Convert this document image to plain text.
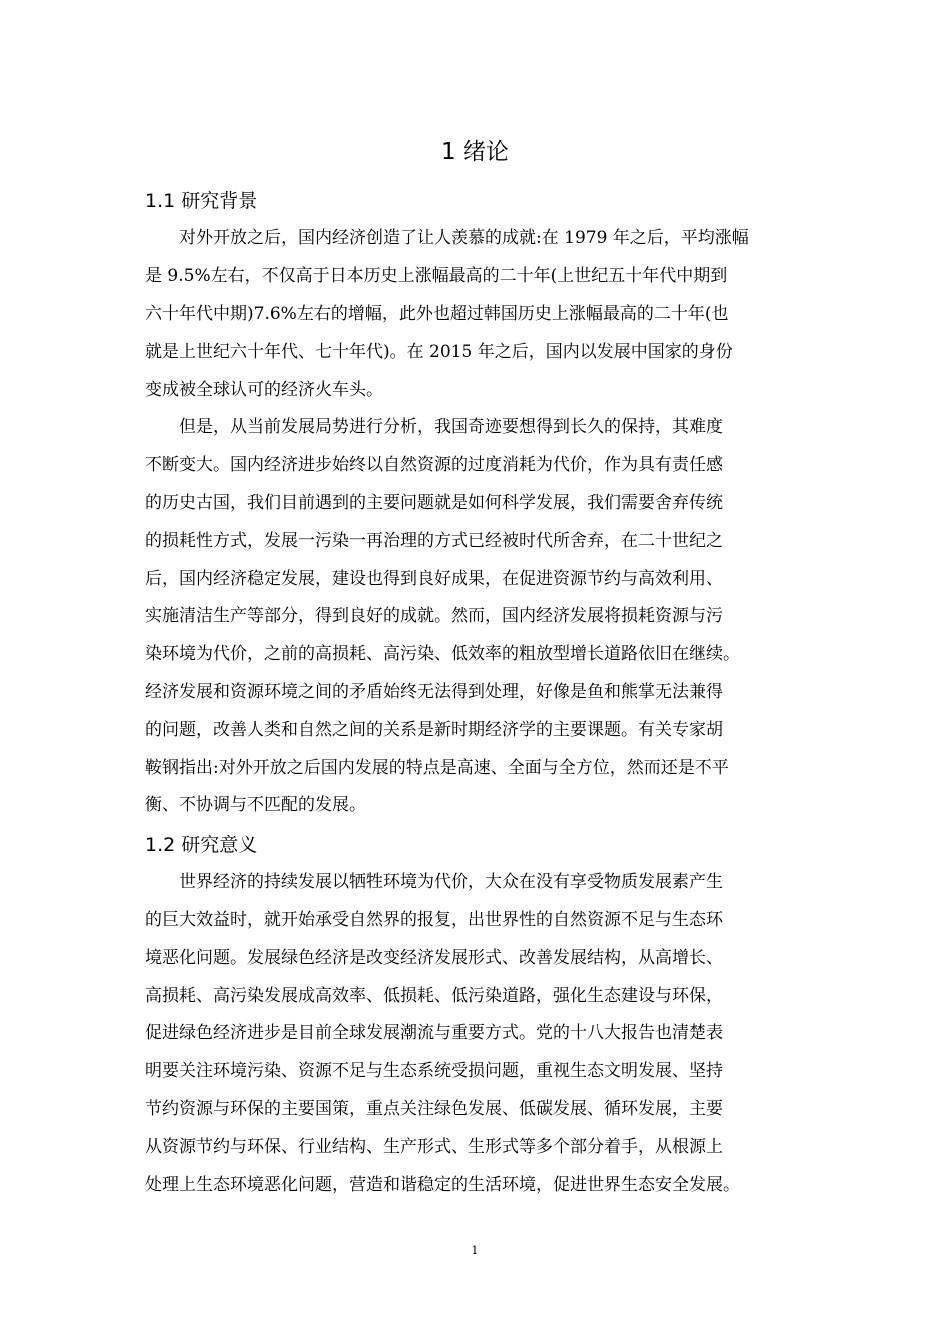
1 绪论
1.1 研究背景

对外开放之后，国内经济创造了让人羡慕的成就:在 1979 年之后，平均涨幅

是 9.5%左右，不仅高于日本历史上涨幅最高的二十年(上世纪五十年代中期到

六十年代中期)7.6%左右的增幅，此外也超过韩国历史上涨幅最高的二十年(也

就是上世纪六十年代、七十年代)。在 2015 年之后，国内以发展中国家的身份

变成被全球认可的经济火车头。

但是，从当前发展局势进行分析，我国奇迹要想得到长久的保持，其难度

不断变大。国内经济进步始终以自然资源的过度消耗为代价，作为具有责任感

的历史古国，我们目前遇到的主要问题就是如何科学发展，我们需要舍弃传统

的损耗性方式，发展一污染一再治理的方式已经被时代所舍弃，在二十世纪之

后，国内经济稳定发展，建设也得到良好成果，在促进资源节约与高效利用、

实施清洁生产等部分，得到良好的成就。然而，国内经济发展将损耗资源与污

染环境为代价，之前的高损耗、高污染、低效率的粗放型增长道路依旧在继续。

经济发展和资源环境之间的矛盾始终无法得到处理，好像是鱼和熊掌无法兼得

的问题，改善人类和自然之间的关系是新时期经济学的主要课题。有关专家胡

鞍钢指出:对外开放之后国内发展的特点是高速、全面与全方位，然而还是不平

衡、不协调与不匹配的发展。

1.2 研究意义

世界经济的持续发展以牺牲环境为代价，大众在没有享受物质发展素产生

的巨大效益时，就开始承受自然界的报复，出世界性的自然资源不足与生态环

境恶化问题。发展绿色经济是改变经济发展形式、改善发展结构，从高增长、

高损耗、高污染发展成高效率、低损耗、低污染道路，强化生态建设与环保，

促进绿色经济进步是目前全球发展潮流与重要方式。党的十八大报告也清楚表

明要关注环境污染、资源不足与生态系统受损问题，重视生态文明发展、坚持

节约资源与环保的主要国策，重点关注绿色发展、低碳发展、循环发展，主要

从资源节约与环保、行业结构、生产形式、生形式等多个部分着手，从根源上

处理上生态环境恶化问题，营造和谐稳定的生活环境，促进世界生态安全发展。

1
